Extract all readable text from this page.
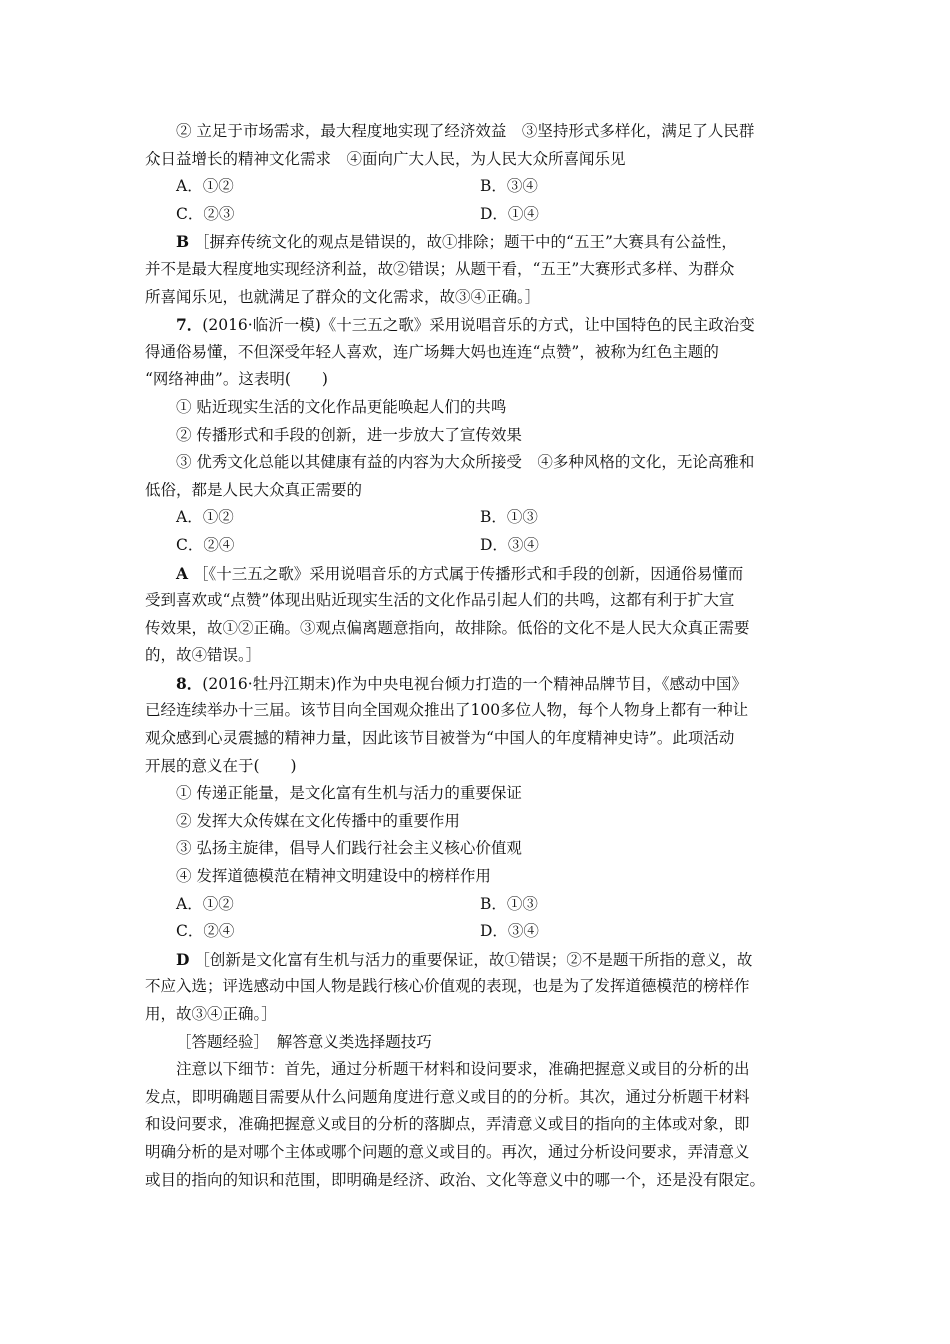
② 立足于市场需求，最大程度地实现了经济效益　③坚持形式多样化，满足了人民群
众日益增长的精神文化需求　④面向广大人民，为人民大众所喜闻乐见
A．①②	B．③④
C．②③	D．①④
B ［摒弃传统文化的观点是错误的，故①排除；题干中的“五王”大赛具有公益性，
并不是最大程度地实现经济利益，故②错误；从题干看，“五王”大赛形式多样、为群众
所喜闻乐见，也就满足了群众的文化需求，故③④正确。］
7．(2016·临沂一模)《十三五之歌》采用说唱音乐的方式，让中国特色的民主政治变
得通俗易懂，不但深受年轻人喜欢，连广场舞大妈也连连“点赞”，被称为红色主题的
“网络神曲”。这表明(　　)
① 贴近现实生活的文化作品更能唤起人们的共鸣
② 传播形式和手段的创新，进一步放大了宣传效果
③ 优秀文化总能以其健康有益的内容为大众所接受　④多种风格的文化，无论高雅和
低俗，都是人民大众真正需要的
A．①②	B．①③
C．②④	D．③④
A ［《十三五之歌》采用说唱音乐的方式属于传播形式和手段的创新，因通俗易懂而
受到喜欢或“点赞”体现出贴近现实生活的文化作品引起人们的共鸣，这都有利于扩大宣
传效果，故①②正确。③观点偏离题意指向，故排除。低俗的文化不是人民大众真正需要
的，故④错误。］
8．(2016·牡丹江期末)作为中央电视台倾力打造的一个精神品牌节目，《感动中国》
已经连续举办十三届。该节目向全国观众推出了100多位人物，每个人物身上都有一种让
观众感到心灵震撼的精神力量，因此该节目被誉为“中国人的年度精神史诗”。此项活动
开展的意义在于(　　)
① 传递正能量，是文化富有生机与活力的重要保证
② 发挥大众传媒在文化传播中的重要作用
③ 弘扬主旋律，倡导人们践行社会主义核心价值观
④ 发挥道德模范在精神文明建设中的榜样作用
A．①②	B．①③
C．②④	D．③④
D ［创新是文化富有生机与活力的重要保证，故①错误；②不是题干所指的意义，故
不应入选；评选感动中国人物是践行核心价值观的表现，也是为了发挥道德模范的榜样作
用，故③④正确。］
［答题经验］　解答意义类选择题技巧
注意以下细节：首先，通过分析题干材料和设问要求，准确把握意义或目的分析的出
发点，即明确题目需要从什么问题角度进行意义或目的的分析。其次，通过分析题干材料
和设问要求，准确把握意义或目的分析的落脚点，弄清意义或目的指向的主体或对象，即
明确分析的是对哪个主体或哪个问题的意义或目的。再次，通过分析设问要求，弄清意义
或目的指向的知识和范围，即明确是经济、政治、文化等意义中的哪一个，还是没有限定。
